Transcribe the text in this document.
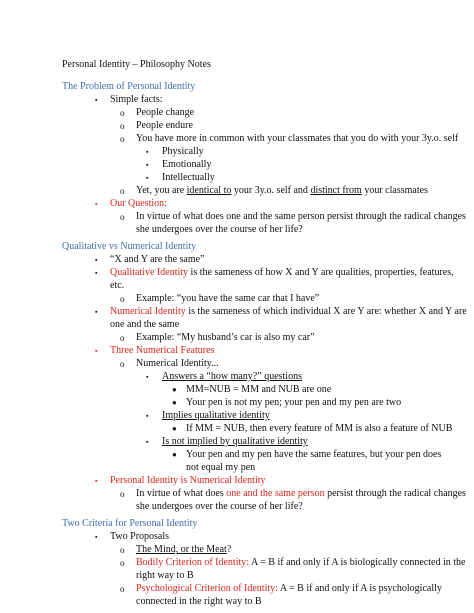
Personal Identity – Philosophy Notes
The Problem of Personal Identity
▪ Simple facts:
o People change
o People endure
o You have more in common with your classmates that you do with your 3y.o. self
▪ Physically
▪ Emotionally
▪ Intellectually
o Yet, you are identical to your 3y.o. self and distinct from your classmates
▪ Our Question:
o In virtue of what does one and the same person persist through the radical changes
she undergoes over the course of her life?
Qualitative vs Numerical Identity
▪ “X and Y are the same”
▪ Qualitative Identity is the sameness of how X and Y are qualities, properties, features,
etc.
o Example: “you have the same car that I have”
▪ Numerical Identity is the sameness of which individual X are Y are: whether X and Y are
one and the same
o Example: “My husband’s car is also my car”
▪ Three Numerical Features
o Numerical Identity...
▪ Answers a “how many?” questions
● MM=NUB = MM and NUB are one
● Your pen is not my pen; your pen and my pen are two
▪ Implies qualitative identity
● If MM = NUB, then every feature of MM is also a feature of NUB
▪ Is not implied by qualitative identity
● Your pen and my pen have the same features, but your pen does
not equal my pen
▪ Personal Identity is Numerical Identity
o In virtue of what does one and the same person persist through the radical changes
she undergoes over the course of her life?
Two Criteria for Personal Identity
▪ Two Proposals
o The Mind, or the Meat?
o Bodily Criterion of Identity: A = B if and only if A is biologically connected in the
right way to B
o Psychological Criterion of Identity: A = B if and only if A is psychologically
connected in the right way to B
